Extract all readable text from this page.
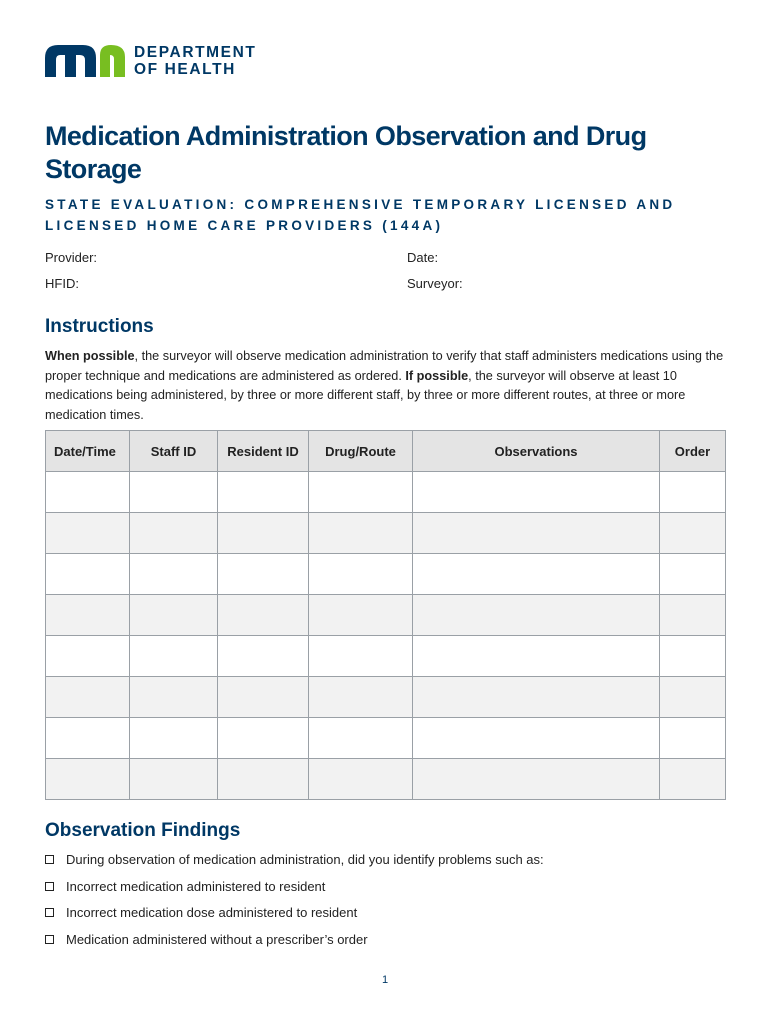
DEPARTMENT
OF HEALTH
Medication Administration Observation and Drug Storage

STATE EVALUATION: COMPREHENSIVE TEMPORARY LICENSED AND LICENSED HOME CARE PROVIDERS (144A)

Provider:	Date:
HFID:	Surveyor:
Instructions

When possible, the surveyor will observe medication administration to verify that staff administers medications using the proper technique and medications are administered as ordered. If possible, the surveyor will observe at least 10 medications being administered, by three or more different staff, by three or more different routes, at three or more medication times.

Date/Time	Staff ID	Resident ID	Drug/Route	Observations	Order

Observation Findings
During observation of medication administration, did you identify problems such as:
Incorrect medication administered to resident
Incorrect medication dose administered to resident
Medication administered without a prescriber’s order
1
